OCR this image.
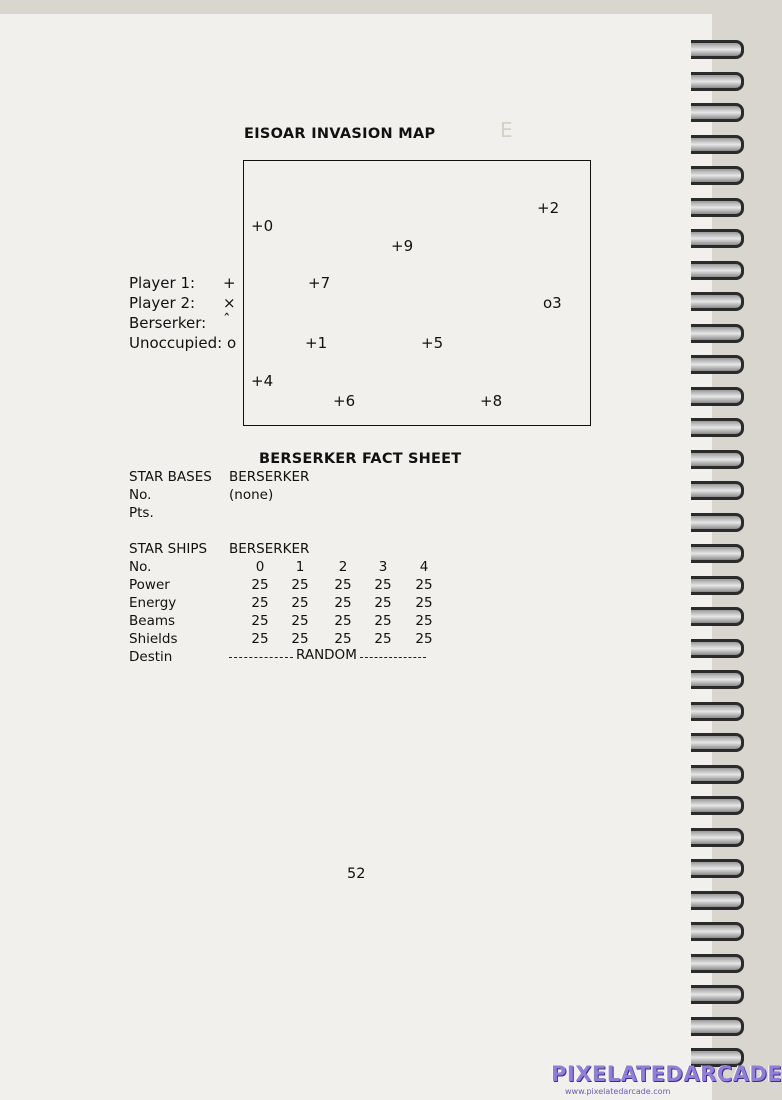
E

EISOAR INVASION MAP
+2
+0
+9
+7
o3
+1	+5
+4
+6	+8
Player 1: +
Player 2: ×
Berserker: ˆ
Unoccupied: o
BERSERKER FACT SHEET
STAR BASES BERSERKER
No.	(none)
Pts.
STAR SHIPS BERSERKER
No.	0	1	2	3	4
Power	25	25	25	25	25
Energy	25	25	25	25	25
Beams	25	25	25	25	25
Shields	25	25	25	25	25
Destin	RANDOM
52
PIXELATEDARCADE
www.pixelatedarcade.com
